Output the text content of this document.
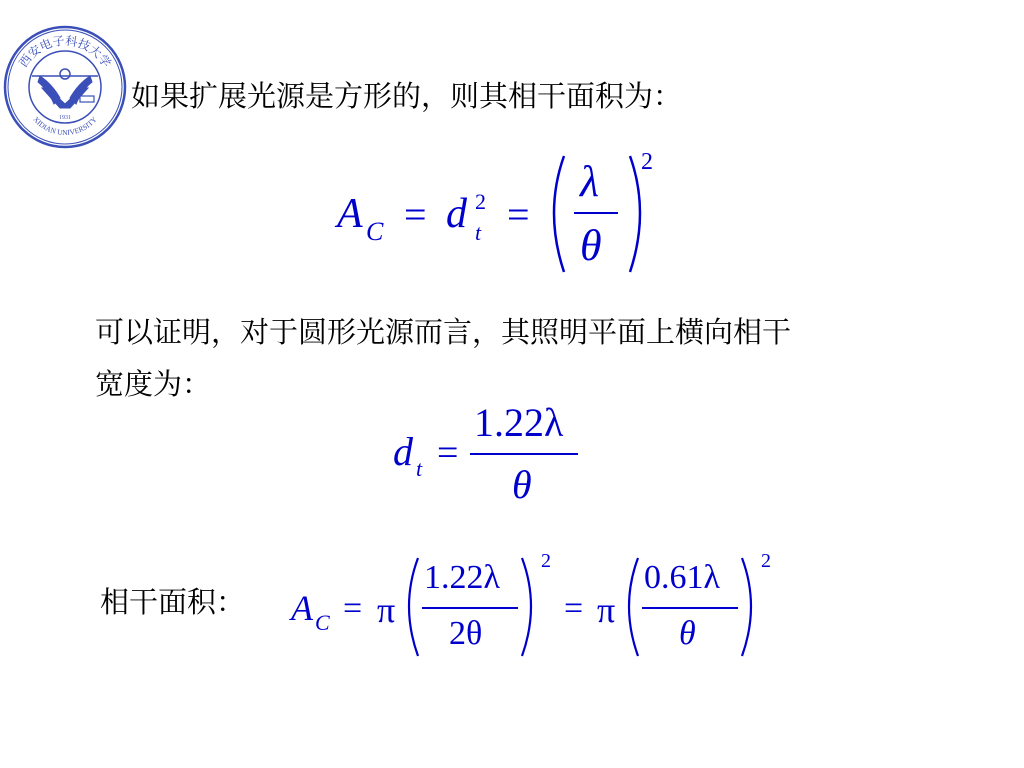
西安电子科技大学
XIDIAN UNIVERSITY
1931
如果扩展光源是方形的，则其相干面积为：
A C = d 2
t =
λ
θ
2
可以证明，对于圆形光源而言，其照明平面上横向相干
宽度为：
d t =
1.22λ
θ
相干面积： A C = π
1.22λ
2θ
2
= π
0.61λ
θ
2
